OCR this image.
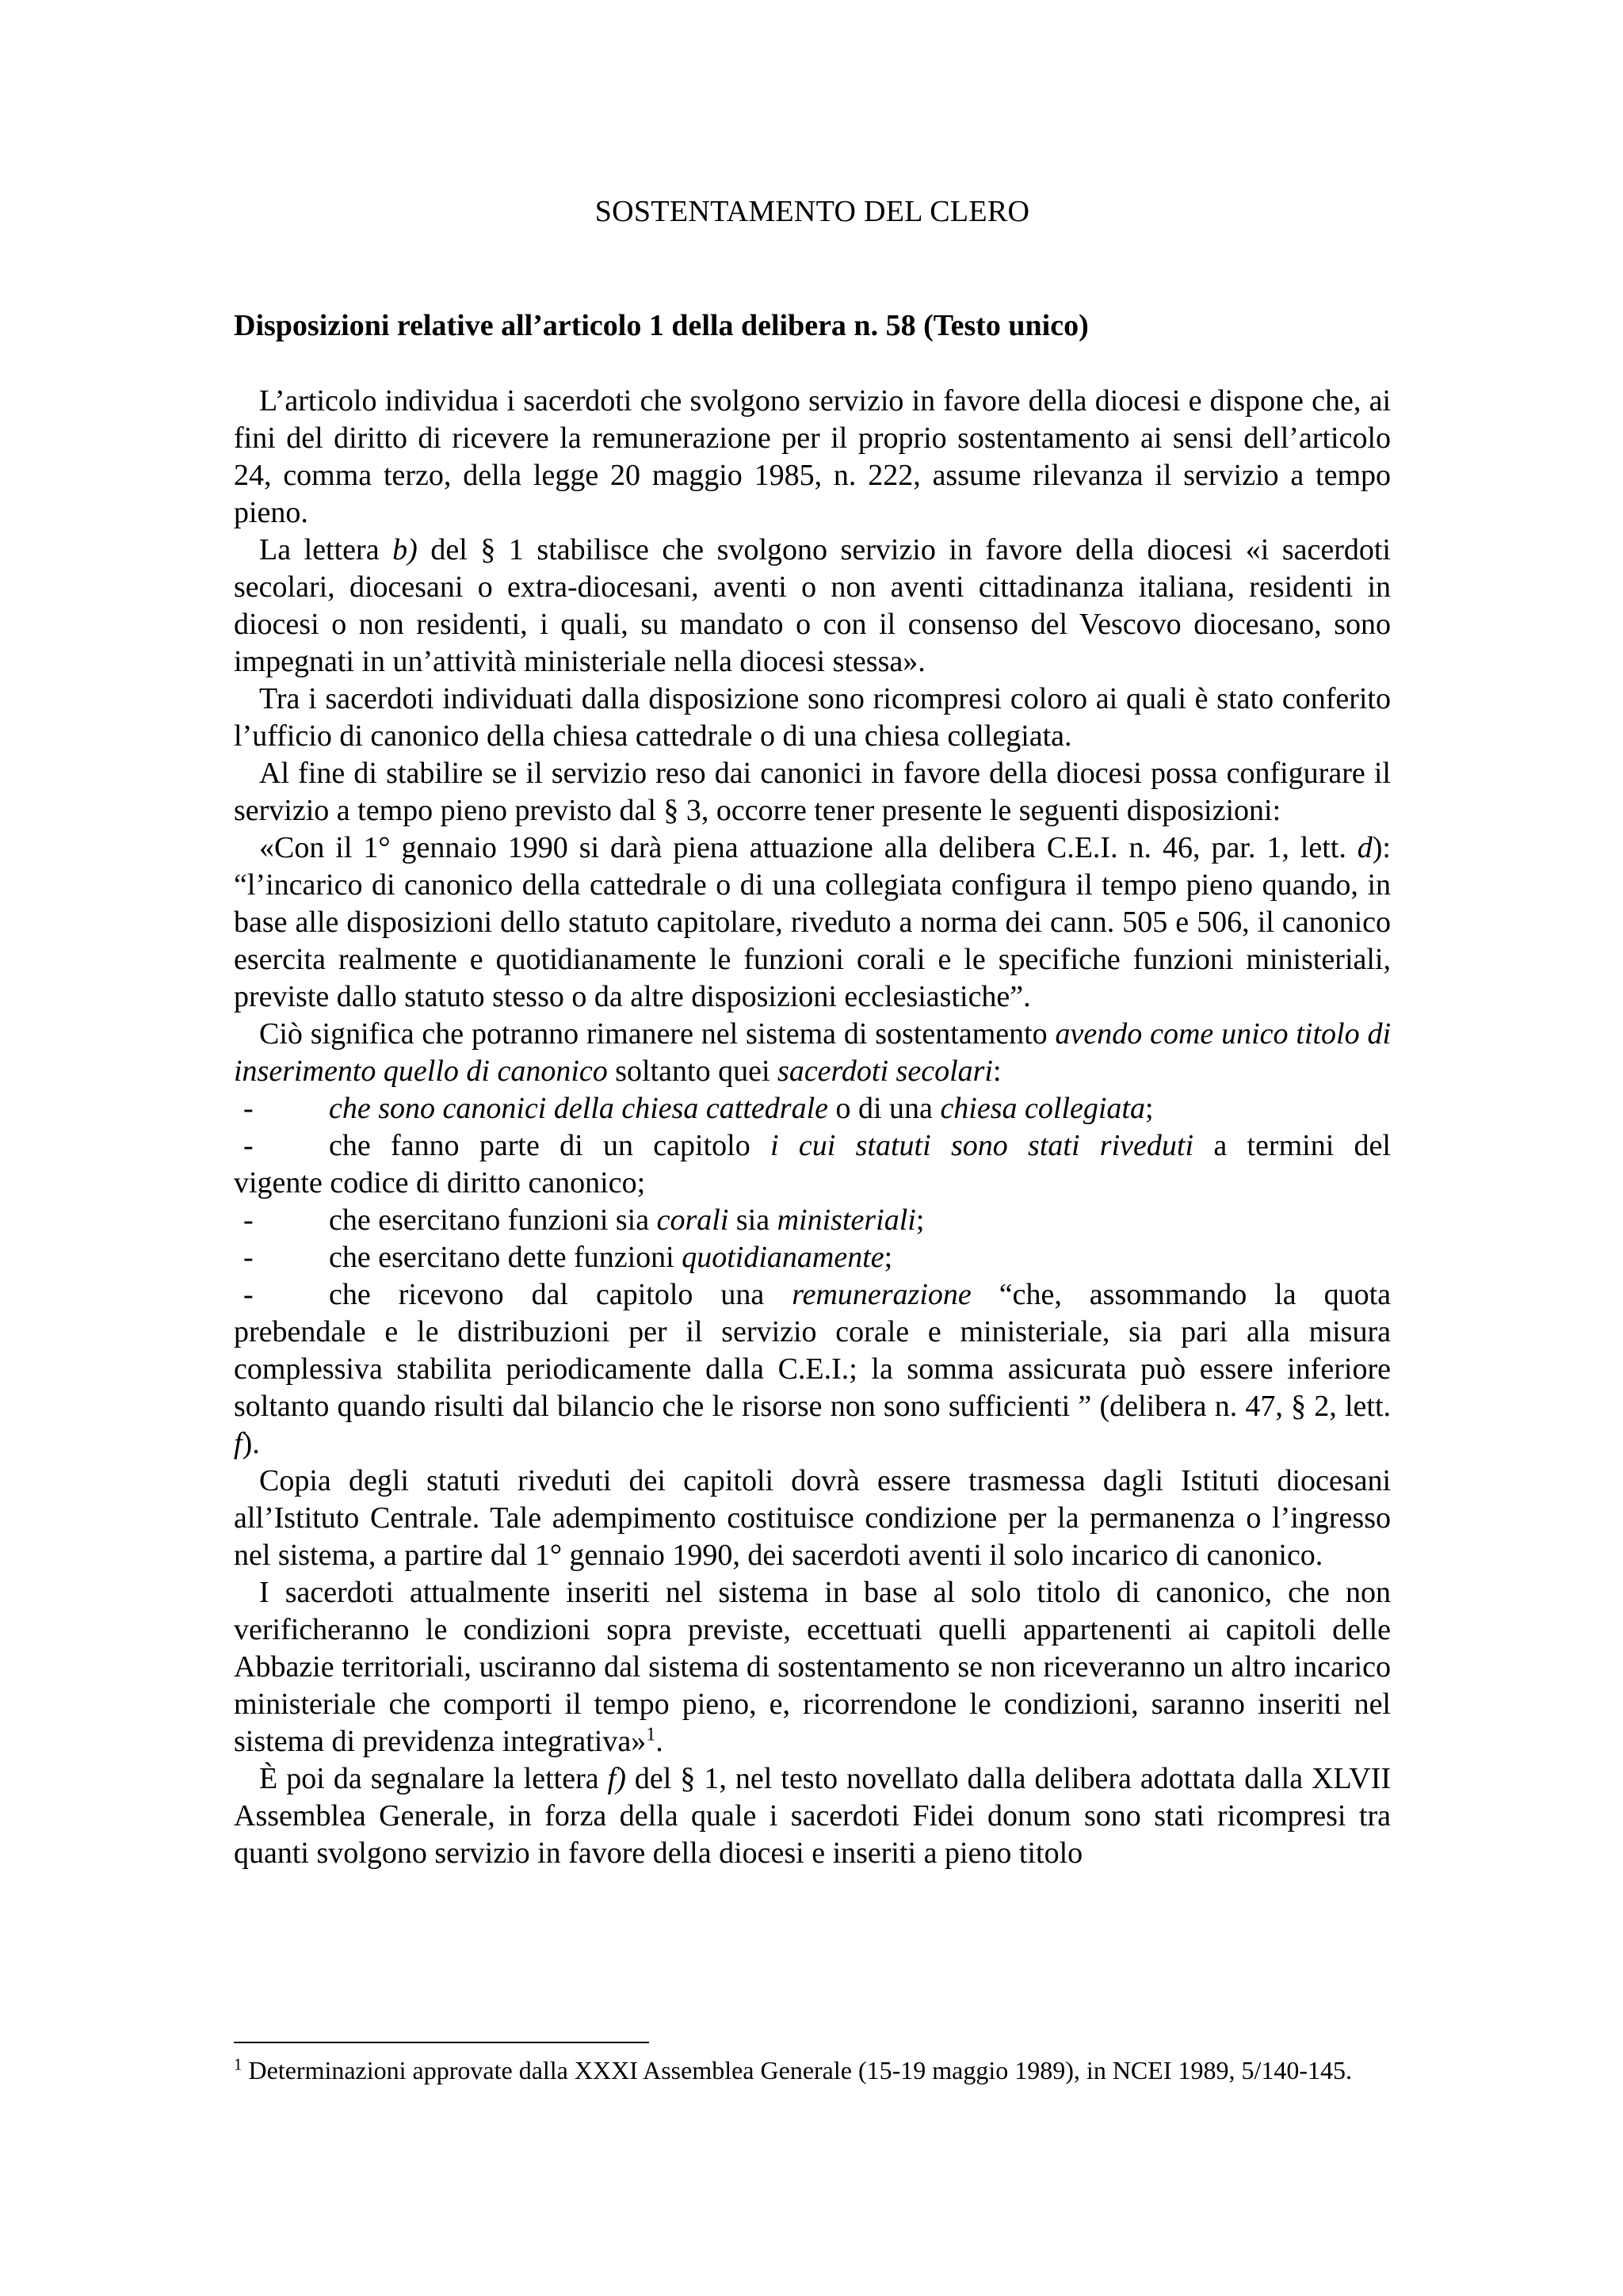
SOSTENTAMENTO DEL CLERO
Disposizioni relative all’articolo 1 della delibera n. 58 (Testo unico)

L’articolo individua i sacerdoti che svolgono servizio in favore della diocesi e dispone che, ai fini del diritto di ricevere la remunerazione per il proprio sostentamento ai sensi dell’articolo 24, comma terzo, della legge 20 maggio 1985, n. 222, assume rilevanza il servizio a tempo pieno.

La lettera b) del § 1 stabilisce che svolgono servizio in favore della diocesi «i sacerdoti secolari, diocesani o extra-diocesani, aventi o non aventi cittadinanza italiana, residenti in diocesi o non residenti, i quali, su mandato o con il consenso del Vescovo diocesano, sono impegnati in un’attività ministeriale nella diocesi stessa».

Tra i sacerdoti individuati dalla disposizione sono ricompresi coloro ai quali è stato conferito l’ufficio di canonico della chiesa cattedrale o di una chiesa collegiata.

Al fine di stabilire se il servizio reso dai canonici in favore della diocesi possa configurare il servizio a tempo pieno previsto dal § 3, occorre tener presente le seguenti disposizioni:

«Con il 1° gennaio 1990 si darà piena attuazione alla delibera C.E.I. n. 46, par. 1, lett. d): “l’incarico di canonico della cattedrale o di una collegiata configura il tempo pieno quando, in base alle disposizioni dello statuto capitolare, riveduto a norma dei cann. 505 e 506, il canonico esercita realmente e quotidianamente le funzioni corali e le specifiche funzioni ministeriali, previste dallo statuto stesso o da altre disposizioni ecclesiastiche”.

Ciò significa che potranno rimanere nel sistema di sostentamento avendo come unico titolo di inserimento quello di canonico soltanto quei sacerdoti secolari:

-	che sono canonici della chiesa cattedrale o di una chiesa collegiata;
-	che fanno parte di un capitolo i cui statuti sono stati riveduti a termini del

vigente codice di diritto canonico;

-	che esercitano funzioni sia corali sia ministeriali;
-	che esercitano dette funzioni quotidianamente;
-	che ricevono dal capitolo una remunerazione “che, assommando la quota

prebendale e le distribuzioni per il servizio corale e ministeriale, sia pari alla misura complessiva stabilita periodicamente dalla C.E.I.; la somma assicurata può essere inferiore soltanto quando risulti dal bilancio che le risorse non sono sufficienti ” (delibera n. 47, § 2, lett. f).

Copia degli statuti riveduti dei capitoli dovrà essere trasmessa dagli Istituti diocesani all’Istituto Centrale. Tale adempimento costituisce condizione per la permanenza o l’ingresso nel sistema, a partire dal 1° gennaio 1990, dei sacerdoti aventi il solo incarico di canonico.

I sacerdoti attualmente inseriti nel sistema in base al solo titolo di canonico, che non verificheranno le condizioni sopra previste, eccettuati quelli appartenenti ai capitoli delle Abbazie territoriali, usciranno dal sistema di sostentamento se non riceveranno un altro incarico ministeriale che comporti il tempo pieno, e, ricorrendone le condizioni, saranno inseriti nel sistema di previdenza integrativa»$^1$.

È poi da segnalare la lettera f) del § 1, nel testo novellato dalla delibera adottata dalla XLVII Assemblea Generale, in forza della quale i sacerdoti Fidei donum sono stati ricompresi tra quanti svolgono servizio in favore della diocesi e inseriti a pieno titolo

$^1$ Determinazioni approvate dalla XXXI Assemblea Generale (15-19 maggio 1989), in NCEI 1989, 5/140-145.
